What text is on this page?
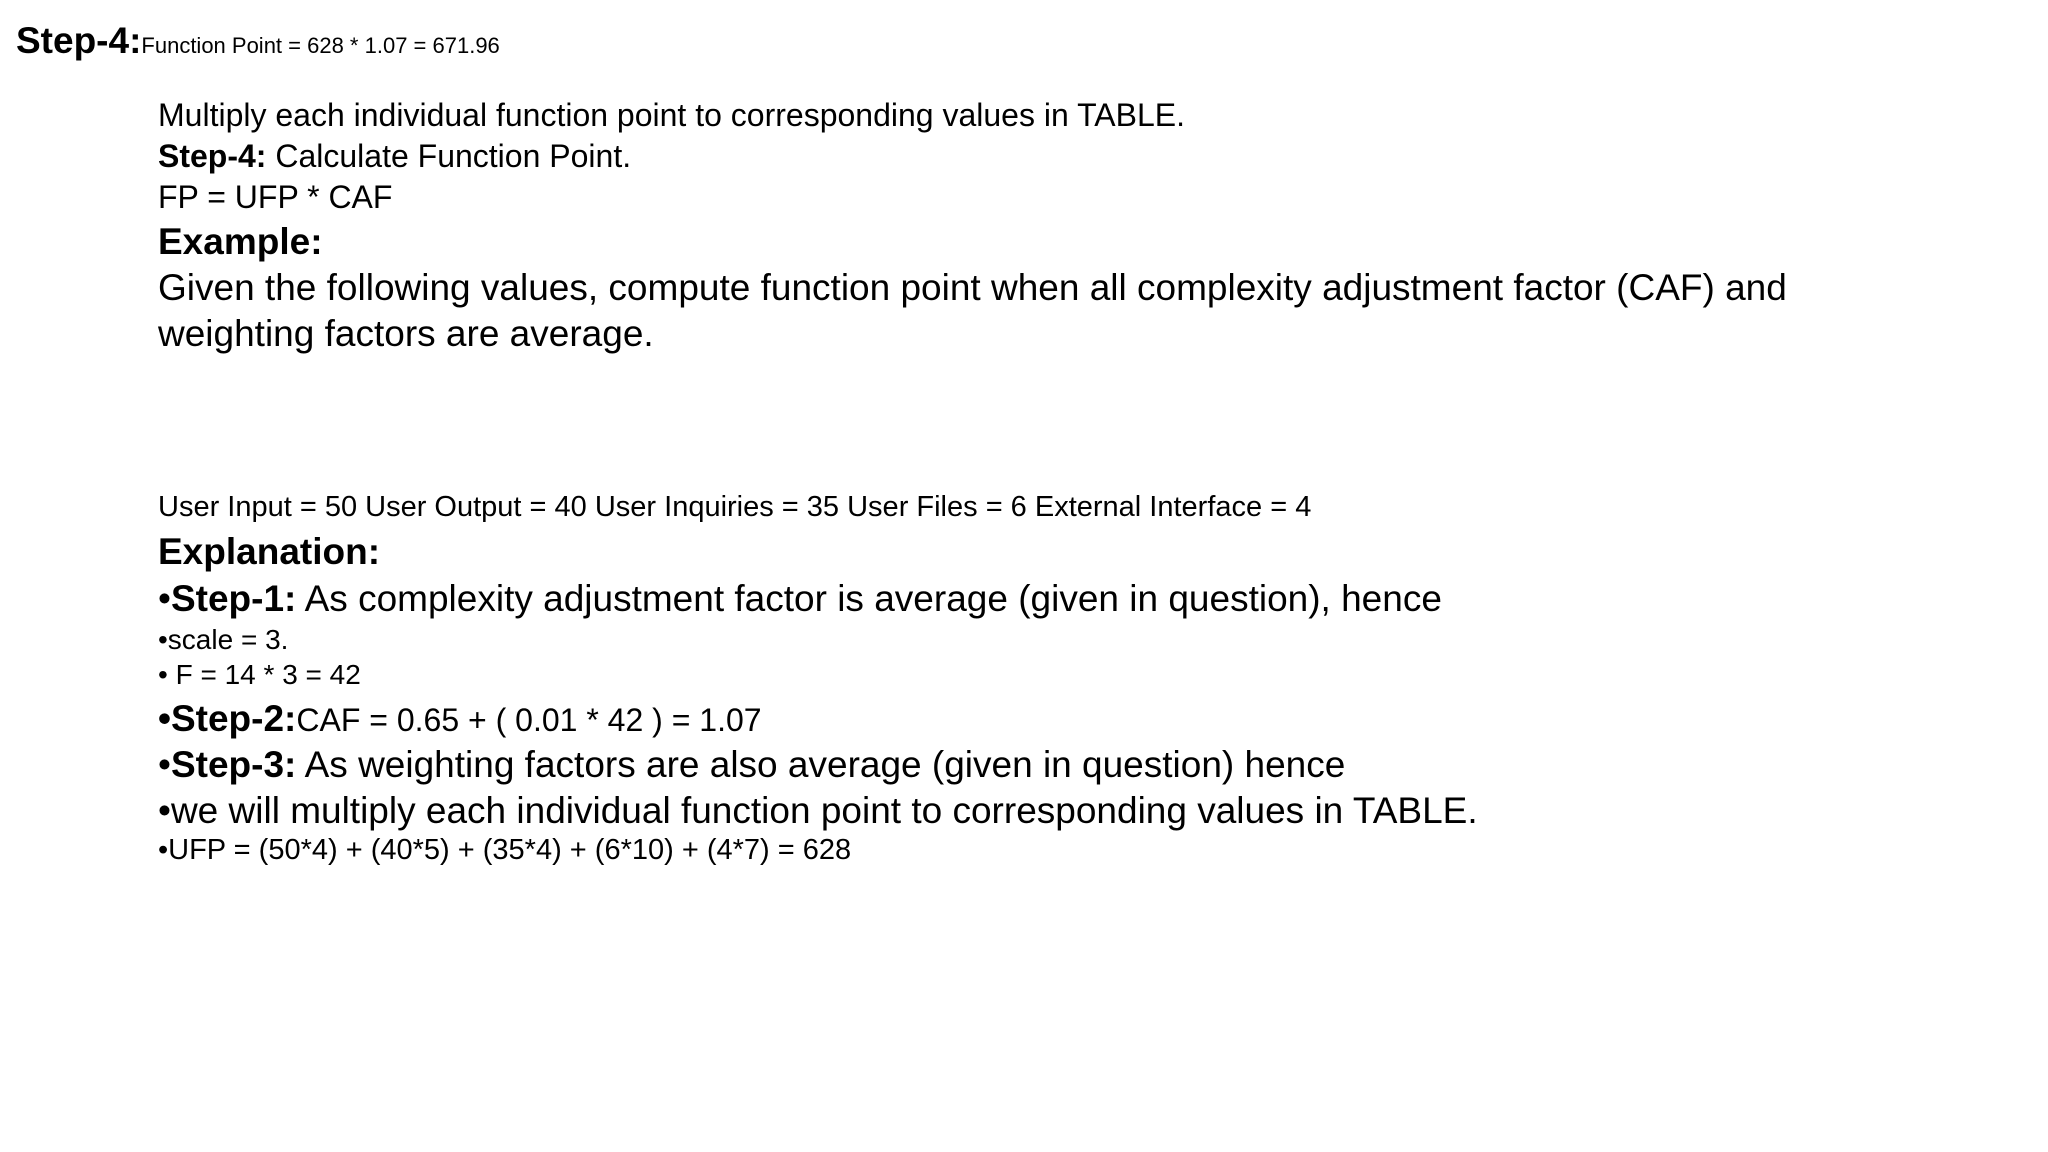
Step-4:Function Point = 628 * 1.07 = 671.96
Multiply each individual function point to corresponding values in TABLE.
Step-4: Calculate Function Point.
FP = UFP * CAF
Example:
Given the following values, compute function point when all complexity adjustment factor (CAF) and
weighting factors are average.
User Input = 50 User Output = 40 User Inquiries = 35 User Files = 6 External Interface = 4
Explanation:
•Step-1: As complexity adjustment factor is average (given in question), hence
•scale = 3.
• F = 14 * 3 = 42
•Step-2:CAF = 0.65 + ( 0.01 * 42 ) = 1.07
•Step-3: As weighting factors are also average (given in question) hence
•we will multiply each individual function point to corresponding values in TABLE.
•UFP = (50*4) + (40*5) + (35*4) + (6*10) + (4*7) = 628
